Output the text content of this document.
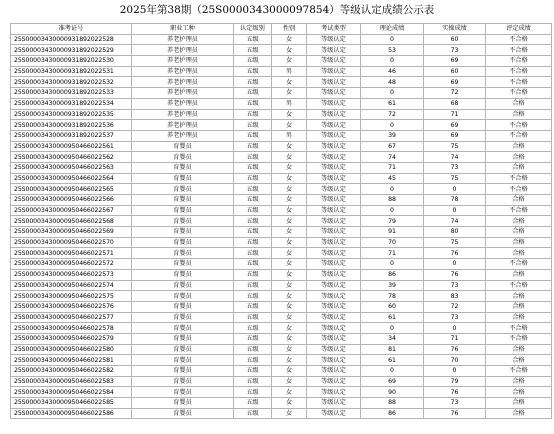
2025年第38期（25S0000343000097854）等级认定成绩公示表
准考证号	职业工种	认定级别	性别	考试类型	理论成绩	实操成绩	评定成绩
25S0000343000093189202252​8	养老护理员	五级	女	等级认定	0	60	不合格
25S00003430000931892022529	养老护理员	五级	女	等级认定	53	73	不合格
25S00003430000931892022530	养老护理员	五级	女	等级认定	0	69	不合格
25S00003430000931892022531	养老护理员	五级	男	等级认定	46	60	不合格
25S00003430000931892022532	养老护理员	五级	女	等级认定	48	69	不合格
25S00003430000931892022533	养老护理员	五级	女	等级认定	0	72	不合格
25S00003430000931892022534	养老护理员	五级	男	等级认定	61	68	合格
25S00003430000931892022535	养老护理员	五级	女	等级认定	72	71	合格
25S00003430000931892022536	养老护理员	五级	女	等级认定	0	69	不合格
25S00003430000931892022537	养老护理员	五级	男	等级认定	39	69	不合格
25S00003430000950466022561	育婴员	五级	女	等级认定	67	75	合格
25S00003430000950466022562	育婴员	五级	女	等级认定	74	74	合格
25S00003430000950466022563	育婴员	五级	女	等级认定	71	73	合格
25S00003430000950466022564	育婴员	五级	女	等级认定	45	75	不合格
25S00003430000950466022565	育婴员	五级	女	等级认定	0	0	不合格
25S00003430000950466022566	育婴员	五级	女	等级认定	88	78	合格
25S00003430000950466022567	育婴员	五级	女	等级认定	0	0	不合格
25S00003430000950466022568	育婴员	五级	女	等级认定	79	74	合格
25S00003430000950466022569	育婴员	五级	女	等级认定	91	80	合格
25S00003430000950466022570	育婴员	五级	女	等级认定	70	75	合格
25S00003430000950466022571	育婴员	五级	女	等级认定	71	76	合格
25S00003430000950466022572	育婴员	五级	女	等级认定	0	0	不合格
25S00003430000950466022573	育婴员	五级	女	等级认定	86	76	合格
25S00003430000950466022574	育婴员	五级	女	等级认定	39	73	不合格
25S00003430000950466022575	育婴员	五级	女	等级认定	78	83	合格
25S00003430000950466022576	育婴员	五级	女	等级认定	60	72	合格
25S00003430000950466022577	育婴员	五级	女	等级认定	61	73	合格
25S00003430000950466022578	育婴员	五级	女	等级认定	0	0	不合格
25S00003430000950466022579	育婴员	五级	女	等级认定	34	71	不合格
25S00003430000950466022580	育婴员	五级	女	等级认定	81	76	合格
25S00003430000950466022581	育婴员	五级	女	等级认定	61	70	合格
25S00003430000950466022582	育婴员	五级	女	等级认定	0	0	不合格
25S00003430000950466022583	育婴员	五级	女	等级认定	69	79	合格
25S00003430000950466022584	育婴员	五级	女	等级认定	90	76	合格
25S00003430000950466022585	育婴员	五级	女	等级认定	88	73	合格
25S00003430000950466022586	育婴员	五级	女	等级认定	86	76	合格
